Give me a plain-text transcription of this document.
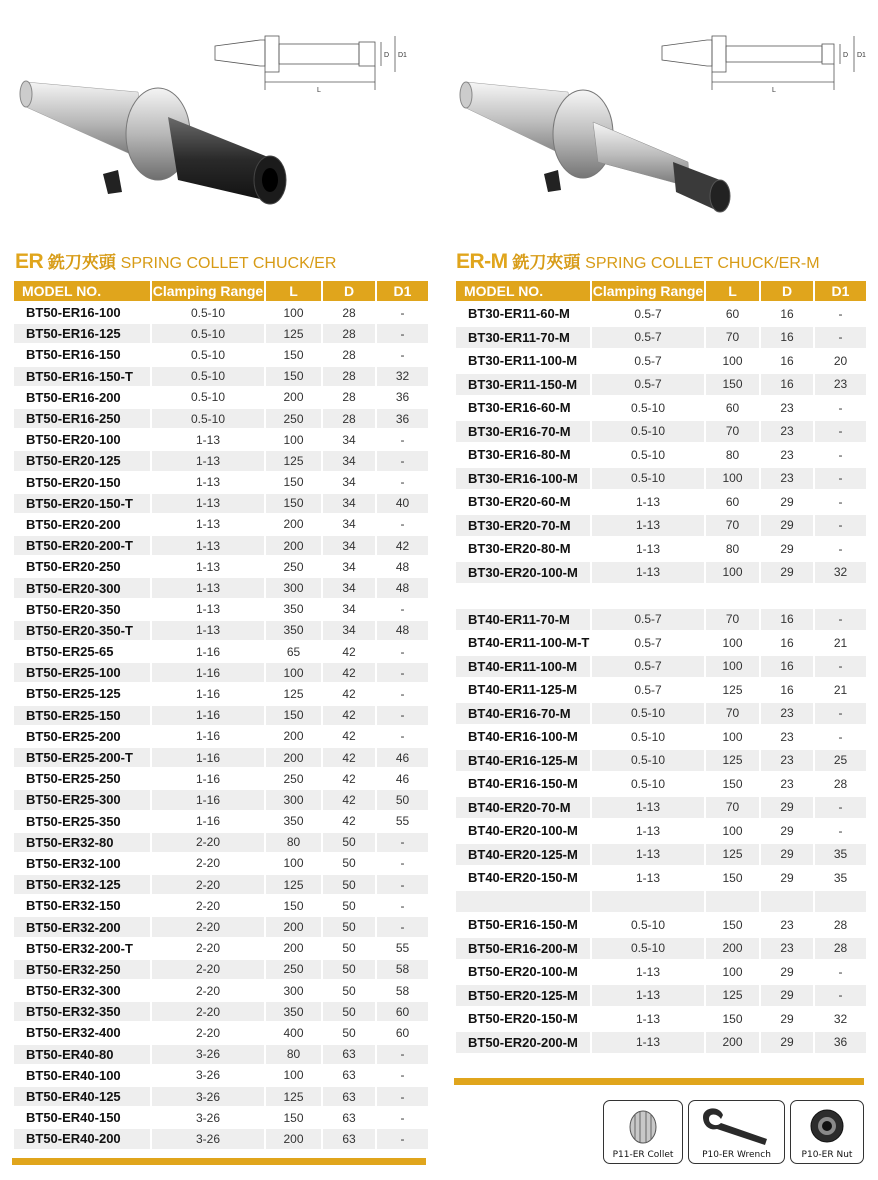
L
D D1
L
D D1
ER 銑刀夾頭 SPRING COLLET CHUCK/ER	ER-M 銑刀夾頭 SPRING COLLET CHUCK/ER-M
MODEL NO.	Clamping Range	L	D	D1
BT50-ER16-100	0.5-10	100	28	-
BT50-ER16-125	0.5-10	125	28	-
BT50-ER16-150	0.5-10	150	28	-
BT50-ER16-150-T	0.5-10	150	28	32
BT50-ER16-200	0.5-10	200	28	36
BT50-ER16-250	0.5-10	250	28	36
BT50-ER20-100	1-13	100	34	-
BT50-ER20-125	1-13	125	34	-
BT50-ER20-150	1-13	150	34	-
BT50-ER20-150-T	1-13	150	34	40
BT50-ER20-200	1-13	200	34	-
BT50-ER20-200-T	1-13	200	34	42
BT50-ER20-250	1-13	250	34	48
BT50-ER20-300	1-13	300	34	48
BT50-ER20-350	1-13	350	34	-
BT50-ER20-350-T	1-13	350	34	48
BT50-ER25-65	1-16	65	42	-
BT50-ER25-100	1-16	100	42	-
BT50-ER25-125	1-16	125	42	-
BT50-ER25-150	1-16	150	42	-
BT50-ER25-200	1-16	200	42	-
BT50-ER25-200-T	1-16	200	42	46
BT50-ER25-250	1-16	250	42	46
BT50-ER25-300	1-16	300	42	50
BT50-ER25-350	1-16	350	42	55
BT50-ER32-80	2-20	80	50	-
BT50-ER32-100	2-20	100	50	-
BT50-ER32-125	2-20	125	50	-
BT50-ER32-150	2-20	150	50	-
BT50-ER32-200	2-20	200	50	-
BT50-ER32-200-T	2-20	200	50	55
BT50-ER32-250	2-20	250	50	58
BT50-ER32-300	2-20	300	50	58
BT50-ER32-350	2-20	350	50	60
BT50-ER32-400	2-20	400	50	60
BT50-ER40-80	3-26	80	63	-
BT50-ER40-100	3-26	100	63	-
BT50-ER40-125	3-26	125	63	-
BT50-ER40-150	3-26	150	63	-
BT50-ER40-200	3-26	200	63	-
MODEL NO.	Clamping Range	L	D	D1
BT30-ER11-60-M	0.5-7	60	16	-
BT30-ER11-70-M	0.5-7	70	16	-
BT30-ER11-100-M	0.5-7	100	16	20
BT30-ER11-150-M	0.5-7	150	16	23
BT30-ER16-60-M	0.5-10	60	23	-
BT30-ER16-70-M	0.5-10	70	23	-
BT30-ER16-80-M	0.5-10	80	23	-
BT30-ER16-100-M	0.5-10	100	23	-
BT30-ER20-60-M	1-13	60	29	-
BT30-ER20-70-M	1-13	70	29	-
BT30-ER20-80-M	1-13	80	29	-
BT30-ER20-100-M	1-13	100	29	32

BT40-ER11-70-M	0.5-7	70	16	-
BT40-ER11-100-M-T	0.5-7	100	16	21
BT40-ER11-100-M	0.5-7	100	16	-
BT40-ER11-125-M	0.5-7	125	16	21
BT40-ER16-70-M	0.5-10	70	23	-
BT40-ER16-100-M	0.5-10	100	23	-
BT40-ER16-125-M	0.5-10	125	23	25
BT40-ER16-150-M	0.5-10	150	23	28
BT40-ER20-70-M	1-13	70	29	-
BT40-ER20-100-M	1-13	100	29	-
BT40-ER20-125-M	1-13	125	29	35
BT40-ER20-150-M	1-13	150	29	35

BT50-ER16-150-M	0.5-10	150	23	28
BT50-ER16-200-M	0.5-10	200	23	28
BT50-ER20-100-M	1-13	100	29	-
BT50-ER20-125-M	1-13	125	29	-
BT50-ER20-150-M	1-13	150	29	32
BT50-ER20-200-M	1-13	200	29	36
P11-ER Collet	P10-ER Wrench	P10-ER Nut
